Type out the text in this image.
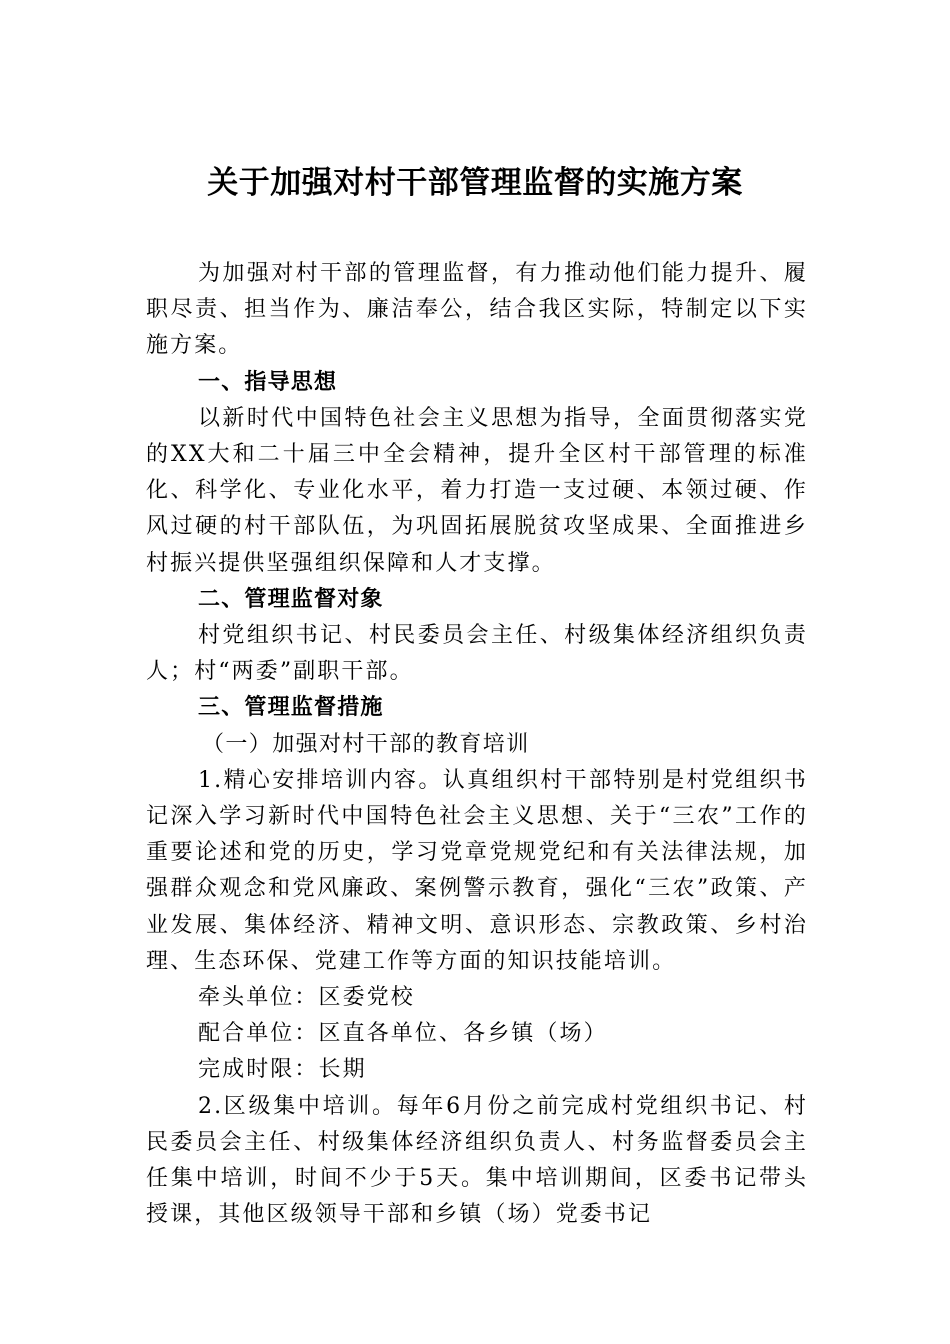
关于加强对村干部管理监督的实施方案

为加强对村干部的管理监督，有力推动他们能力提升、履职尽责、担当作为、廉洁奉公，结合我区实际，特制定以下实施方案。

一、指导思想

以新时代中国特色社会主义思想为指导，全面贯彻落实党的XX大和二十届三中全会精神，提升全区村干部管理的标准化、科学化、专业化水平，着力打造一支过硬、本领过硬、作风过硬的村干部队伍，为巩固拓展脱贫攻坚成果、全面推进乡村振兴提供坚强组织保障和人才支撑。

二、管理监督对象

村党组织书记、村民委员会主任、村级集体经济组织负责人；村“两委”副职干部。

三、管理监督措施

（一）加强对村干部的教育培训

1.精心安排培训内容。认真组织村干部特别是村党组织书记深入学习新时代中国特色社会主义思想、关于“三农”工作的重要论述和党的历史，学习党章党规党纪和有关法律法规，加强群众观念和党风廉政、案例警示教育，强化“三农”政策、产业发展、集体经济、精神文明、意识形态、宗教政策、乡村治理、生态环保、党建工作等方面的知识技能培训。

牵头单位：区委党校

配合单位：区直各单位、各乡镇（场）

完成时限：长期

2.区级集中培训。每年6月份之前完成村党组织书记、村民委员会主任、村级集体经济组织负责人、村务监督委员会主任集中培训，时间不少于5天。集中培训期间，区委书记带头授课，其他区级领导干部和乡镇（场）党委书记
